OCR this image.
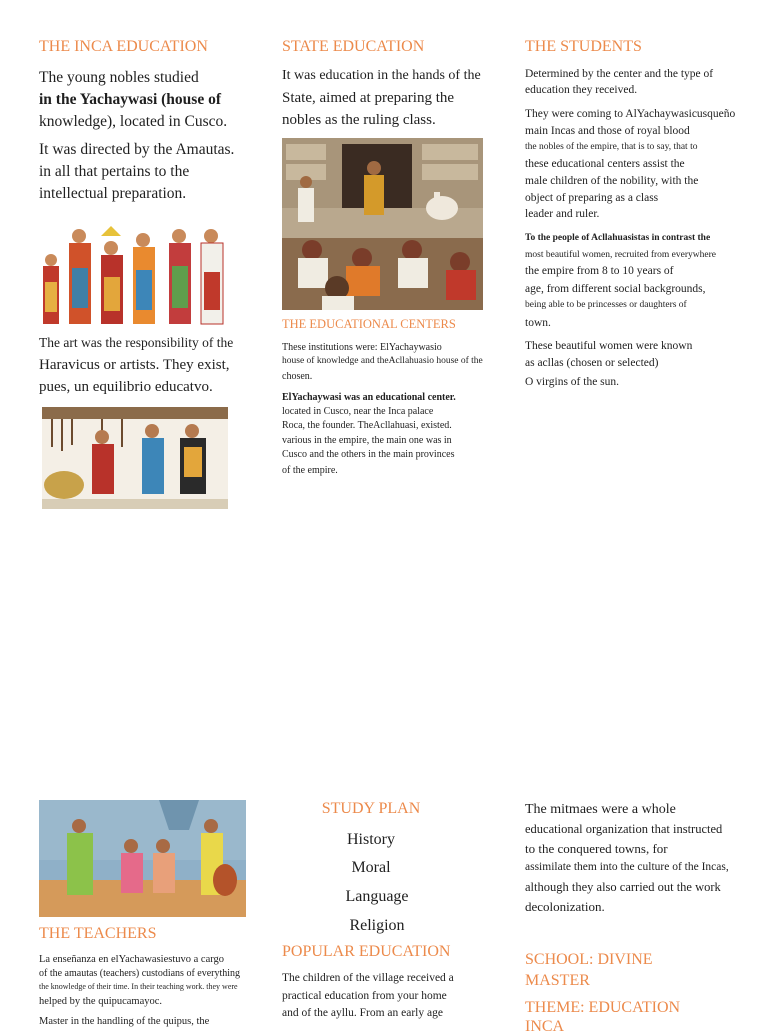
THE INCA EDUCATION
The young nobles studied
in the Yachaywasi (house of
knowledge), located in Cusco.
It was directed by the Amautas.
in all that pertains to the
intellectual preparation.
The art was the responsibility of the
Haravicus or artists. They exist,
pues, un equilibrio educatvo.
STATE EDUCATION
It was education in the hands of the
State, aimed at preparing the
nobles as the ruling class.
THE EDUCATIONAL CENTERS
These institutions were: ElYachaywasio
house of knowledge and theAcllahuasio house of the
chosen.
ElYachaywasi was an educational center.
located in Cusco, near the Inca palace
Roca, the founder. TheAcllahuasi, existed.
various in the empire, the main one was in
Cusco and the others in the main provinces
of the empire.
THE STUDENTS
Determined by the center and the type of
education they received.
They were coming to AlYachaywasicusqueño
main Incas and those of royal blood
the nobles of the empire, that is to say, that to
these educational centers assist the
male children of the nobility, with the
object of preparing as a class
leader and ruler.
To the people of Acllahuasistas in contrast the
most beautiful women, recruited from everywhere
the empire from 8 to 10 years of
age, from different social backgrounds,
being able to be princesses or daughters of
town.
These beautiful women were known
as acllas (chosen or selected)
O virgins of the sun.
THE TEACHERS
La enseñanza en elYachawasiestuvo a cargo
of the amautas (teachers) custodians of everything
the knowledge of their time. In their teaching work. they were
helped by the quipucamayoc.
Master in the handling of the quipus, the
STUDY PLAN
History
Moral
Language
Religion
POPULAR EDUCATION
The children of the village received a
practical education from your home
and of the ayllu. From an early age
The mitmaes were a whole
educational organization that instructed
to the conquered towns, for
assimilate them into the culture of the Incas,
although they also carried out the work
decolonization.
SCHOOL: DIVINE
MASTER
THEME: EDUCATION
INCA
